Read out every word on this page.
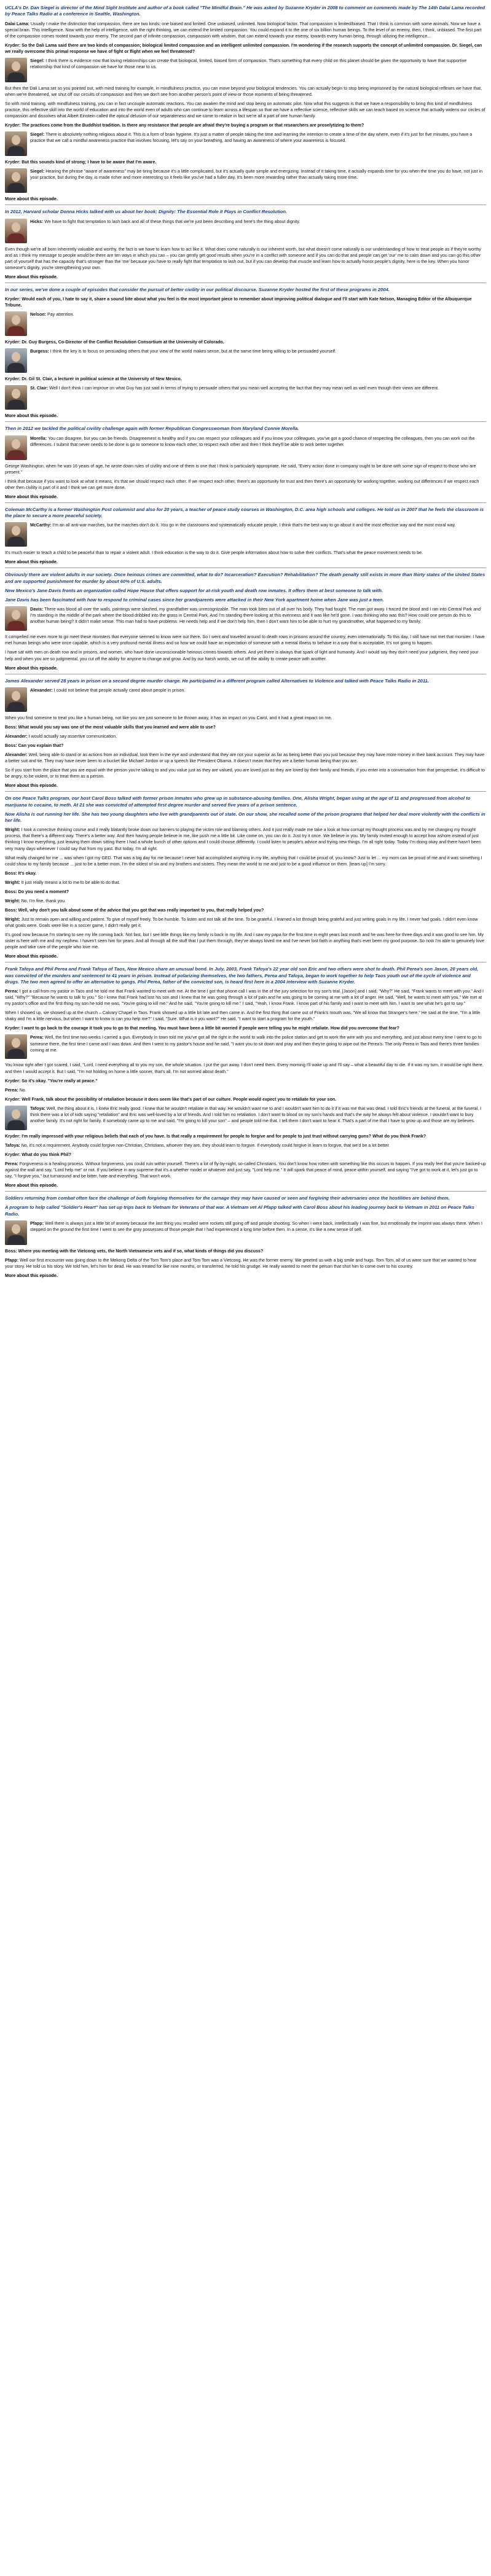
UCLA's Dr. Dan Siegel is director of the Mind Sight Institute and author of a book called "The Mindful Brain." He was asked by Suzanne Kryder in 2008 to comment on comments made by The 14th Dalai Lama recorded by Peace Talks Radio at a conference in Seattle, Washington.

Dalai Lama: Usually I make the distinction that compassion, there are two kinds; one biased and limited. One unbiased, unlimited. Now biological factor. That compassion is limited/biased. That I think is common with some animals. Now we have a special brain. This intelligence. Now with the help of intelligence, with the right thinking, we can extend the limited compassion. You could expand it to the one of six billion human beings. To the level of an enemy, then, I think, unbiased. The first part of the compassion comes rooted towards your enemy. The second part of infinite compassion, compassion with wisdom, that can extend towards your enemy, towards every human being, through utilizing the intelligence...

Kryder: So the Dali Lama said there are two kinds of compassion; biological limited compassion and an intelligent unlimited compassion. I'm wondering if the research supports the concept of unlimited compassion. Dr. Siegel, can we really overcome this primal response we have of fight or flight when we feel threatened?

Siegel: I think there is evidence now that loving relationships can create that biological, limited, biased form of compassion. That's something that every child on this planet should be given the opportunity to have that supportive relationship that kind of compassion we have for those near to us.

But then the Dali Lama set so you pointed out, with mind training for example, in mindfulness practice, you can move beyond your biological tendencies. You can actually begin to stop being imprisoned by the natural biological reflexes we have that, when we're threatened, we shut off our circuits of compassion and then we don't see from another person's point of view or those moments of being threatened.

So with mind training, with mindfulness training, you can in fact uncouple automatic reactions. You can awaken the mind and stop being on automatic pilot. Now what this suggests is that we have a responsibility to bring this kind of mindfulness practice, this reflective skill into the world of education and into the world even of adults who can continue to learn across a lifespan so that we have a reflective science, reflective skills we can teach based on science that actually widens our circles of compassion and dissolves what Albert Einstein called the optical delusion of our separateness and we come to realize in fact we're all a part of one human family.

Kryder: The practices come from the Buddhist tradition. Is there any resistance that people are afraid they're buying a program or that researchers are proselytizing to them?

Siegel: There is absolutely nothing religious about it. This is a form of brain hygiene. It's just a matter of people taking the time and learning the intention to create a time of the day where, even if it's just for five minutes, you have a practice that we call a mindful awareness practice that involves focusing, let's say on your breathing, and having an awareness of where your awareness is focused.

Kryder: But this sounds kind of strong; I have to be aware that I'm aware.

Siegel: Hearing the phrase "aware of awareness" may be tiring because it's a little complicated, but it's actually quite simple and energizing. Instead of it taking time, it actually expands time for you when the time you do have, not just in your practice, but during the day, is made richer and more interesting so it feels like you've had a fuller day. It's been more rewarding rather than actually taking more time.

More about this episode.
In 2012, Harvard scholar Donna Hicks talked with us about her book; Dignity: The Essential Role it Plays in Conflict Resolution.

Hicks: We have to fight that temptation to lash back and all of these things that we're just been describing and here's the thing about dignity.

Even though we're all born inherently valuable and worthy, the fact is we have to learn how to act like it. What does come naturally is our inherent worth, but what doesn't come naturally is our understanding of how to treat people as if they're worthy and as I think my message to people would be there are ten ways in which you can – you can gently get good results when you're in a conflict with someone and if you can do that and people can get 'our' me to calm down and you can go this other part of yourself that has the capacity that's stronger than the 'me' because you have to really fight that temptation to lash out, but if you can develop that muscle and learn how to actually honor people's dignity, here is the key. When you honor someone's dignity, you're strengthening your own.

More about this episode.
In our series, we've done a couple of episodes that consider the pursuit of better civility in our political discourse. Suzanne Kryder hosted the first of these programs in 2004.

Kryder: Would each of you, I hate to say it, share a sound bite about what you feel is the most important piece to remember about improving political dialogue and I'll start with Kate Nelson, Managing Editor of the Albuquerque Tribune.

Nelson: Pay attention.

Kryder: Dr. Guy Burgess, Co-Director of the Conflict Resolution Consortium at the University of Colorado.

Burgess: I think the key is to focus on persuading others that your view of the world makes sense, but at the same time being willing to be persuaded yourself.

Kryder: Dr. Gil St. Clair, a lecturer in political science at the University of New Mexico.

St. Clair: Well I don't think I can improve on what Guy has just said in terms of trying to persuade others that you mean well accepting the fact that they may mean well as well even though their views are different.

More about this episode.
Then in 2012 we tackled the political civility challenge again with former Republican Congresswoman from Maryland Connie Morella.

Morella: You can disagree, but you can be friends. Disagreement is healthy and if you can respect your colleagues and if you know your colleagues, you've got a good chance of respecting the colleagues, then you can work out the differences. I submit that never needs to be done is go to someone to know each other, to respect each other and then I think they'll be able to work better together.

George Washington, when he was 16 years of age, he wrote down rules of civility and one of them is one that I think is particularly appropriate. He said, "Every action done in company ought to be done with some sign of respect to those who are present."

I think that because if you want to look at what it means, it's that we should respect each other. If we respect each other, there's an opportunity for trust and then there's an opportunity for working together, working out differences if we respect each other then civility is part of it and I think we can get more done.

More about this episode.
Coleman McCarthy is a former Washington Post columnist and also for 20 years, a teacher of peace study courses in Washington, D.C. area high schools and colleges. He told us in 2007 that he feels the classroom is the place to secure a more peaceful society.

McCarthy: I'm an all anti-war marches, but the marches don't do it. You go in the classrooms and systematically educate people, I think that's the best way to go about it and the most effective way and the most moral way.

It's much easier to teach a child to be peaceful than to repair a violent adult. I think education is the way to do it. Give people information about how to solve their conflicts. That's what the peace movement needs to be.

More about this episode.
Obviously there are violent adults in our society. Once heinous crimes are committed, what to do? Incarceration? Execution? Rehabilitation? The death penalty still exists in more than thirty states of the United States and are supported punishment for murder by about 60% of U.S. adults.
New Mexico's Jane Davis fronts an organization called Hope House that offers support for at-risk youth and death row inmates. It offers them at best someone to talk with.
Jane Davis has been fascinated with how to respond to criminal cases since her grandparents were attacked in their New York apartment home when Jane was just a teen.

Davis: There was blood all over the walls, paintings were slashed, my grandfather was unrecognizable. The man took bites out of all over his body. They had fought. The man got away. I traced the blood and I ran into Central Park and I'm standing in the middle of the park where the blood dribbled into the grass in Central Park. And I'm standing there looking at this evenness and it was like he'd gone. I was thinking who was this? How could one person do this to another human being? It didn't make sense. This man had to have problems. He needs help and if we don't help him, then I don't want him to be able to hurt my grandmother, what happened to my family.

It compelled me even more to go meet these monsters that everyone seemed to know were out there. So I went and traveled around to death rows in prisons around the country, even internationally. To this day, I still have not met that monster. I have met human beings who were once capable, which is a very profound mental illness and so how we could have an expectation of someone with a mental illness to behave in a way that is acceptable. It's not going to happen.

I have sat with men on death row and in prisons, and women, who have done unconscionable heinous crimes towards others. And yet there is always that spark of light and humanity. And I would say they don't need your judgment, they need your help and when you are so judgmental, you cut off the ability for anyone to change and grow. And by our harsh words, we cut off the ability to create peace with another.

More about this episode.
James Alexander served 28 years in prison on a second degree murder charge. He participated in a different program called Alternatives to Violence and talked with Peace Talks Radio in 2011.

Alexander: I could not believe that people actually cared about people in prison.

When you find someone to treat you like a human being, not like you are just someone to be thrown away, it has an impact on you Carol, and it had a great impact on me.

Boss: What would you say was one of the most valuable skills that you learned and were able to use?

Alexander: I would actually say assertive communication.

Boss: Can you explain that?

Alexander: Well, being able to stand or as actions from an individual, look them in the eye and understand that they are not your superior as far as being better than you just because they may have more money in their bank account. They may have a better suit and tie. They may have never been to a bucket like Michael Jordon or up a speech like President Obama. It doesn't mean that they are a better human being than you are.

So if you start from the place that you are equal with the person you're talking to and you value just as they are valued, you are loved just as they are loved by their family and friends, if you enter into a conversation from that perspective, it's difficult to be angry, to be violent, or to treat them as a person.

More about this episode.
On one Peace Talks program, our host Carol Boss talked with former prison inmates who grew up in substance-abusing families. One, Alisha Wright, began using at the age of 11 and progressed from alcohol to marijuana to cocaine, to meth. At 21 she was convicted of attempted first degree murder and served five years of a prison sentence.
Now Alisha is out running her life. She has two young daughters who live with grandparents out of state. On our show, she recalled some of the prison programs that helped her deal more violently with the conflicts in her life.

Wright: I took a corrective thinking course and it really blatantly broke down our barriers to playing the victim role and blaming others. And it just really made me take a look at how corrupt my thought process was and by me changing my thought process, that there's a different way. There's a better way. And then having people believe in me, like push me a little bit. Like come on, you can do it. Just try it once. We believe in you. My family invited enough to accept how ashore instead of just thinking I know everything, just leaving them down sitting there I had a whole bunch of other options and I could choose differently. I could listen to people's advice and trying new things. I'm all right today. Today I'm doing okay and there hasn't been very many days whenever I could say that from my past. But today, I'm all right.

What really changed for me ... was when I got my GED. That was a big day for me because I never had accomplished anything in my life, anything that I could be proud of, you know? Just to let ... my mom can be proud of me and it was something I could show to my family because ... just to be a better mom. I'm the oldest of six and my brothers and sisters. They mean the world to me and just to be a good influence on them. [tears up] I'm sorry.

Boss: It's okay.

Wright: It just really means a lot to me to be able to do that.

Boss: Do you need a moment?

Wright: No, I'm fine, thank you.

Boss: Well, why don't you talk about some of the advice that you got that was really important to you, that really helped you?

Wright: Just to remain open and willing and patient. To give of myself freely. To be humble. To listen and not talk all the time. To be grateful. I learned a lot through being grateful and just writing goals in my life. I never had goals. I didn't even know what goals were. Goals were like in a soccer game, I didn't really get it.

It's good now because I'm starting to see my life coming back. Not fast, but I see little things like my family is back in my life. And I saw my papa for the first time in eight years last month and he was here for three days and it was good to see him. My sister is here with me and my nephew. I haven't seen him for years. And all through all the stuff that I put them through, they've always loved me and I've never lost faith in anything that's ever been my good purpose. So now I'm able to genuinely love people and take care of the people who love me.

More about this episode.
Frank Tafoya and Phil Perea and Frank Tafoya of Taos, New Mexico share an unusual bond. In July, 2003, Frank Tafoya's 22 year old son Eric and two others were shot to death. Phil Perea's son Jason, 20 years old, was convicted of the murders and sentenced to 41 years in prison. Instead of polarizing themselves, the two fathers, Perea and Tafoya, began to work together to help Taos youth out of the cycle of violence and drugs. The two men agreed to offer an alternative to gangs. Phil Perea, father of the convicted son, is heard first here in a 2004 interview with Suzanne Kryder.

Perea: I got a call from my pastor in Taos and he told me that Frank wanted to meet with me. At the time I got that phone call I was in the of the jury selection for my son's trial. [Jason] and I said, "Why?" He said, "Frank wants to meet with you." And I said, "Why?" "Because he wants to talk to you." So I knew that Frank had lost his son and I knew that he was going through a lot of pain and he was going to be coming at me with a lot of anger. He said, "Well, he wants to meet with you." We met at my pastor's office and the first thing my son he told me was, "You're going to kill me." And he said, "You're going to kill me." I said, "Yeah, I know Frank. I know part of his family and I want to meet with him. I want to see what he's got to say."

When I showed up, we showed up at the church – Calvary Chapel in Taos. Frank showed up a little bit late and then came in. And the first thing that came out of Frank's mouth was, "We all know that Stranger's here." He said at the time, "I'm a little shaky and I'm a little nervous, but when I want to know is can you help me?" I said, "Sure. What is it you want?" He said, "I want to start a program for the youth."

Kryder: I want to go back to the courage it took you to go to that meeting. You must have been a little bit worried if people were telling you he might retaliate. How did you overcome that fear?

Perea: Well, the first time two weeks I carried a gun. Everybody in town told me you've got all the right in the world to walk into the police station and get to work the wire with you and everything, and just about every time I went to go to someone there, the first time I came and I was down. And then I went to my pastor's house and he said, "I want you to sit down and pray and then they're going to wipe out the Perea's. The only Perea in Taos and there's three families coming at me.

You know right after I got scared, I said, "Lord, I need everything all to you my son, the whole situation. I put the gun away. I don't need them. Every morning I'll wake up and I'll say – what a beautiful day to die. If it was my turn, it would be right there, and then I would accept it. But I said, "I'm not holding on home a little sooner, that's all. I'm not worried about death."

Kryder: So it's okay. "You're really at peace."

Perea: No.

Kryder: Well Frank, talk about the possibility of retaliation because it does seem like that's part of our culture. People would expect you to retaliate for your son.

Tafoya: Well, the thing about it is, I knew Eric really good. I knew that he wouldn't retaliate in that way. He wouldn't want me to and I wouldn't want him to do it if it was me that was dead. I told Eric's friends at the funeral, at the funeral, I think there was a lot of kids saying "retaliation" and Eric was well-loved by a lot of friends. And I told him no retaliation. I don't want to blood on my son's hands and that's the way he always felt about violence. I wouldn't want to bury another family. It's not right for family. If somebody came up to me and said, "I'm going to kill your son" – and people told me that. I tell them I don't want to hear it. That's a part of me that I have to grow up and those are my believes.

Kryder: I'm really impressed with your religious beliefs that each of you have. Is that really a requirement for people to forgive and for people to just trust without carrying guns? What do you think Frank?

Tafoya: No, it's not a requirement. Anybody could forgive non-Christian, Christians, whoever they are, they should learn to forgive. If everybody could forgive in learn to forgive, that we'd be a lot better.

Kryder: What do you think Phil?

Perea: Forgiveness is a healing process. Without forgiveness, you could ruin within yourself. There's a lot of fly-by-night, so-called Christians. You don't know how rotten with something like this occurs to happen. If you really feel that you're backed-up against the wall and say, "Lord help me" or not. If you believe in any supreme that it's a whether model or whatever and just say, "Lord help me." It will spark that peace of mind, peace within yourself, and saying "I've got to work at it, let's just go to say, "I forgive you," but turnaround and be bitter, hate and everything. That won't work.

More about this episode.
Soldiers returning from combat often face the challenge of both forgiving themselves for the carnage they may have caused or seen and forgiving their adversaries once the hostilities are behind them.
A program to help called "Soldier's Heart" has set up trips back to Vietnam for Veterans of that war. A Vietnam vet Al Pfapp talked with Carol Boss about his leading journey back to Vietnam in 2011 on Peace Talks Radio.

Pfapp: Well there is always just a little bit of anxiety because the last thing you recalled were rockets still going off and people shooting. So when I went back, intellectually I was fine, but emotionally the imprint was always there. When I stepped on the ground the first time I went to see the gray possesses of those people that I had experienced a long time before then. In a sense, it's like a new sense of self.

Boss: Where you meeting with the Vietcong vets, the North Vietnamese vets and if so, what kinds of things did you discuss?

Pfapp: Well our first encounter was going down to the Mekong Delta of the Tom Tom's place and Tom Tom was a Vietcong. He was the former enemy. We greeted us with a big smile and hugs. Tom Tom, all of us were sure that we wanted to hear your story. He told us his story. We told him, let's him for dead. He was treated for like nine months, or transferred, he told his grudge. He really wanted to meet the person that shot him to come over to his country.

More about this episode.
